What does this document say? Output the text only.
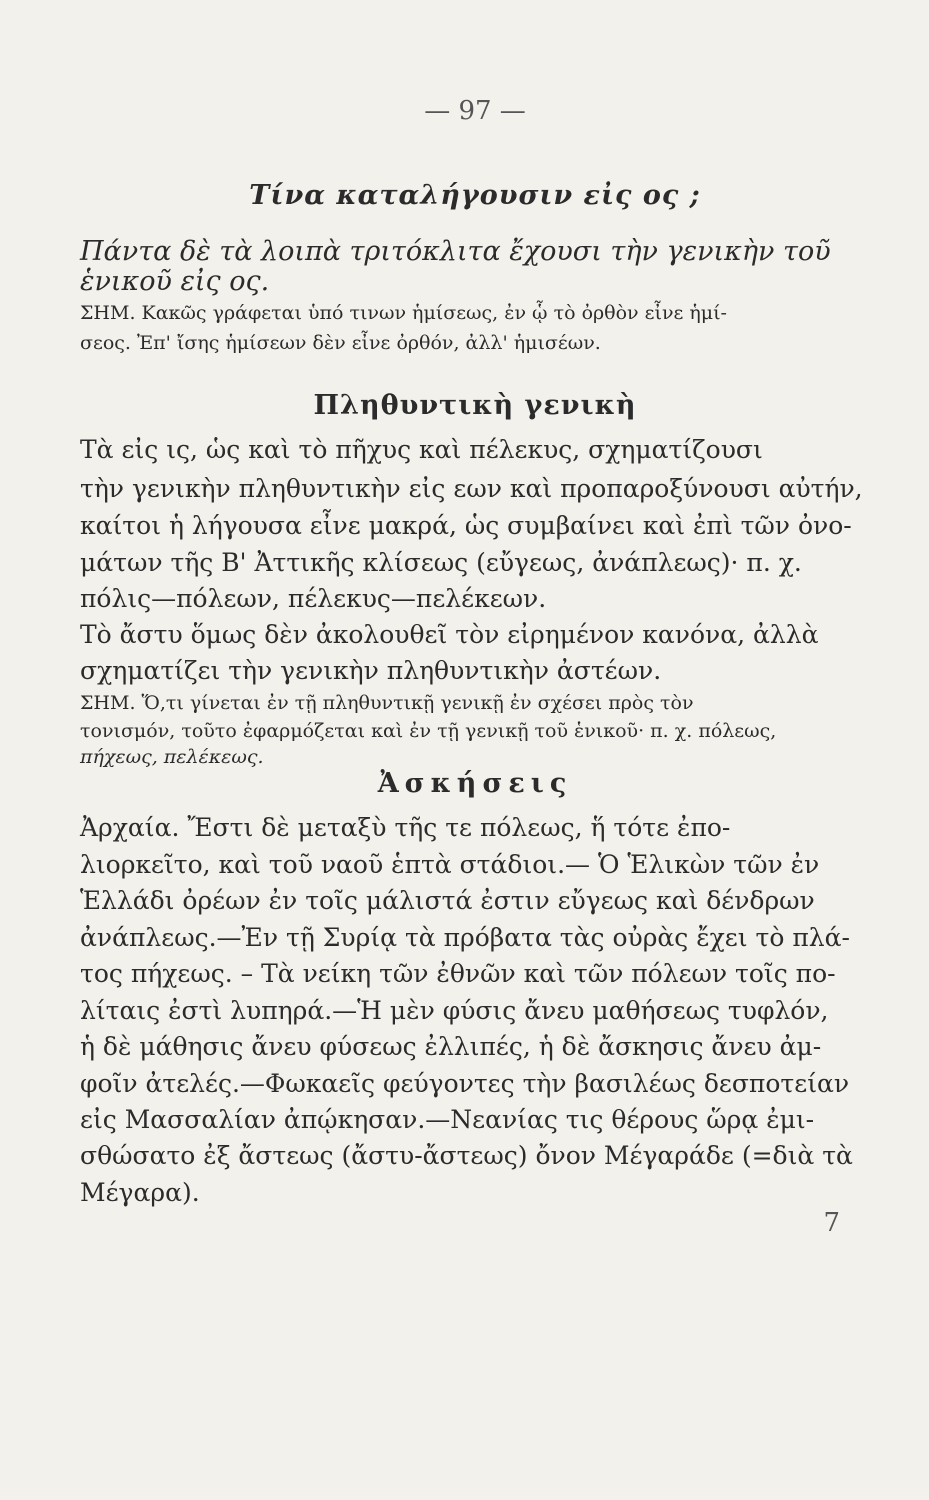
— 97 —
Τίνα καταλήγουσιν εἰς ος ;
Πάντα δὲ τὰ λοιπὰ τριτόκλιτα ἔχουσι τὴν γενικὴν τοῦ
ἑνικοῦ εἰς ος.
ΣΗΜ. Κακῶς γράφεται ὑπό τινων ἡμίσεως, ἐν ᾧ τὸ ὀρθὸν εἶνε ἡμί-
σεος. Ἐπ' ἴσης ἡμίσεων δὲν εἶνε ὀρθόν, ἀλλ' ἡμισέων.
Πληθυντικὴ γενικὴ
Τὰ εἰς ις, ὡς καὶ τὸ πῆχυς καὶ πέλεκυς, σχηματίζουσι
τὴν γενικὴν πληθυντικὴν εἰς εων καὶ προπαροξύνουσι αὐτήν,
καίτοι ἡ λήγουσα εἶνε μακρά, ὡς συμβαίνει καὶ ἐπὶ τῶν ὀνο-
μάτων τῆς Β' Ἀττικῆς κλίσεως (εὔγεως, ἀνάπλεως)· π. χ.
πόλις—πόλεων, πέλεκυς—πελέκεων.
Τὸ ἄστυ ὅμως δὲν ἀκολουθεῖ τὸν εἰρημένον κανόνα, ἀλλὰ
σχηματίζει τὴν γενικὴν πληθυντικὴν ἀστέων.
ΣΗΜ. Ὅ,τι γίνεται ἐν τῇ πληθυντικῇ γενικῇ ἐν σχέσει πρὸς τὸν
τονισμόν, τοῦτο ἐφαρμόζεται καὶ ἐν τῇ γενικῇ τοῦ ἑνικοῦ· π. χ. πόλεως,
πήχεως, πελέκεως.
Ἀσκήσεις
Ἀρχαία. Ἔστι δὲ μεταξὺ τῆς τε πόλεως, ἥ τότε ἐπο-
λιορκεῖτο, καὶ τοῦ ναοῦ ἑπτὰ στάδιοι.— Ὁ Ἑλικὼν τῶν ἐν
Ἑλλάδι ὀρέων ἐν τοῖς μάλιστά ἐστιν εὔγεως καὶ δένδρων
ἀνάπλεως.—Ἐν τῇ Συρίᾳ τὰ πρόβατα τὰς οὐρὰς ἔχει τὸ πλά-
τος πήχεως. – Τὰ νείκη τῶν ἐθνῶν καὶ τῶν πόλεων τοῖς πο-
λίταις ἐστὶ λυπηρά.—Ἡ μὲν φύσις ἄνευ μαθήσεως τυφλόν,
ἡ δὲ μάθησις ἄνευ φύσεως ἐλλιπές, ἡ δὲ ἄσκησις ἄνευ ἀμ-
φοῖν ἀτελές.—Φωκαεῖς φεύγοντες τὴν βασιλέως δεσποτείαν
εἰς Μασσαλίαν ἀπῴκησαν.—Νεανίας τις θέρους ὥρᾳ ἐμι-
σθώσατο ἐξ ἄστεως (ἄστυ-ἄστεως) ὄνον Μέγαράδε (=διὰ τὰ
Μέγαρα).
7
